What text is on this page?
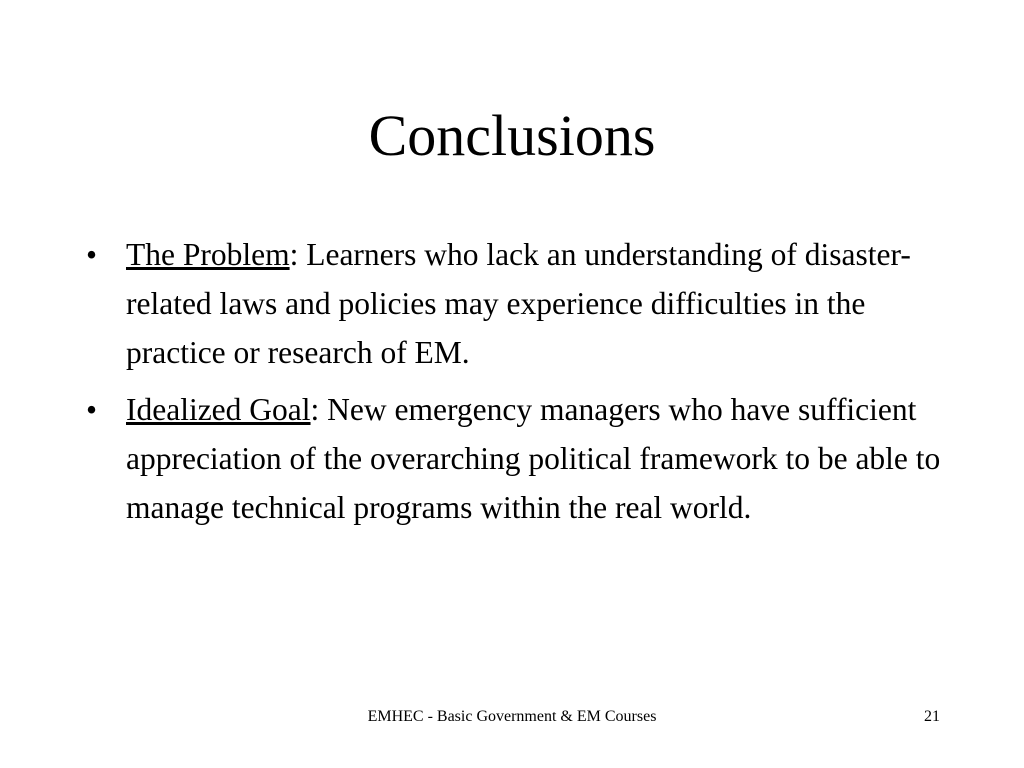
Conclusions
• The Problem: Learners who lack an understanding of disaster-related laws and policies may experience difficulties in the practice or research of EM.
• Idealized Goal: New emergency managers who have sufficient appreciation of the overarching political framework to be able to manage technical programs within the real world.
EMHEC - Basic Government & EM Courses	21
